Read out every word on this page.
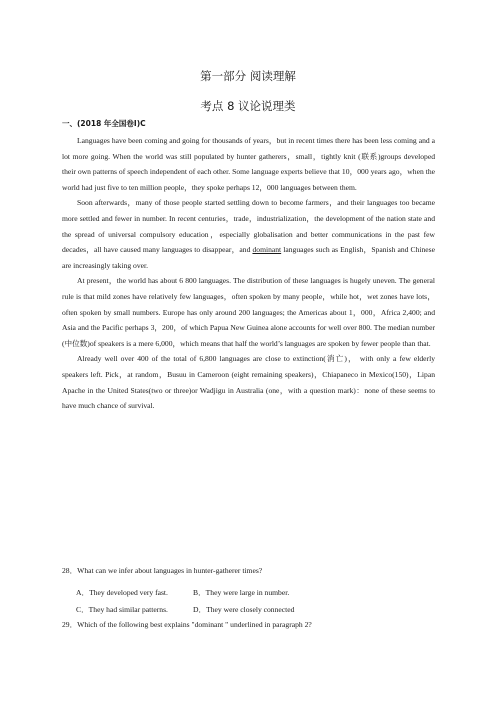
第一部分 阅读理解
考点 8 议论说理类
一、(2018 年全国卷Ⅰ)C

Languages have been coming and going for thousands of years，but in recent times there has been less coming and a lot more going. When the world was still populated by hunter gatherers，small，tightly knit (联系)groups developed their own patterns of speech independent of each other. Some language experts believe that 10，000 years ago，when the world had just five to ten million people，they spoke perhaps 12，000 languages between them.

Soon afterwards，many of those people started settling down to become farmers，and their languages too became more settled and fewer in number. In recent centuries，trade，industrialization，the development of the nation state and the spread of universal compulsory education，especially globalisation and better communications in the past few decades，all have caused many languages to disappear，and dominant languages such as English，Spanish and Chinese are increasingly taking over.

At present，the world has about 6 800 languages. The distribution of these languages is hugely uneven. The general rule is that mild zones have relatively few languages，often spoken by many people，while hot，wet zones have lots，often spoken by small numbers. Europe has only around 200 languages; the Americas about 1，000，Africa 2,400; and Asia and the Pacific perhaps 3，200，of which Papua New Guinea alone accounts for well over 800. The median number (中位数)of speakers is a mere 6,000，which means that half the world’s languages are spoken by fewer people than that.

Already well over 400 of the total of 6,800 languages are close to extinction(消亡)， with only a few elderly speakers left. Pick，at random，Busuu in Cameroon (eight remaining speakers)，Chiapaneco in Mexico(150)，Lipan Apache in the United States(two or three)or Wadjigu in Australia (one，with a question mark)：none of these seems to have much chance of survival.

28．What can we infer about languages in hunter-gatherer times?
A．They developed very fast.	B．They were large in number.
C．They had similar patterns.	D．They were closely connected
29．Which of the following best explains "dominant " underlined in paragraph 2?
